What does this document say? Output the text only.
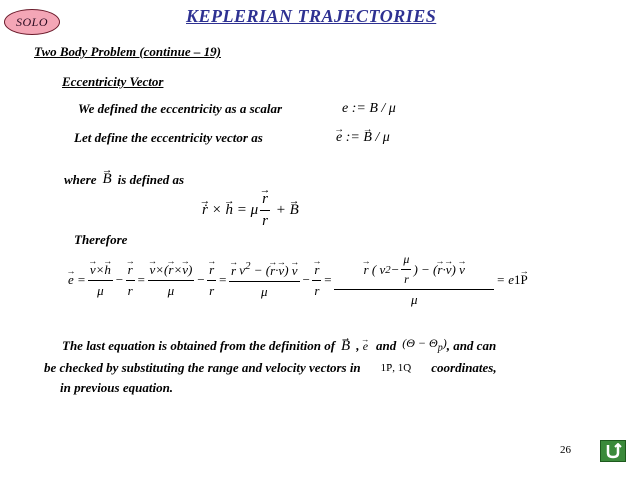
SOLO	KEPLERIAN TRAJECTORIES
Two Body Problem (continue – 19)
Eccentricity Vector
We defined the eccentricity as a scalar	e := B / μ
Let define the eccentricity vector as
→	e := → B / μ
where
→ B is defined as
→ ṙ ×
→ h = μ
→ $\frac{r}{r}$ +
→ B
Therefore
→ e =
→ $\frac{v\times\to h}{\mu}$ −
→ $\frac{r}{r}$ =
→ $\frac{v\times(\to r\times\to v)}{\mu}$ −
→ $\frac{r}{r}$ =
→ $\frac{r v^2 - (\to r\cdot\to v) \to v}{\mu}$ −
→ $\frac{r}{r}$ =
→ r ( v $2 - \frac{\mu}{r}$ ) − (
→ r ·
→ v )
→ v
μ = e 1
→ P
The last equation is obtained from the definition of
→ B ,
→ e and $(\Theta - \Theta_p)$ , and can
be checked by substituting the range and velocity vectors in 1→ P, 1→ Q coordinates,
in previous equation.
26
